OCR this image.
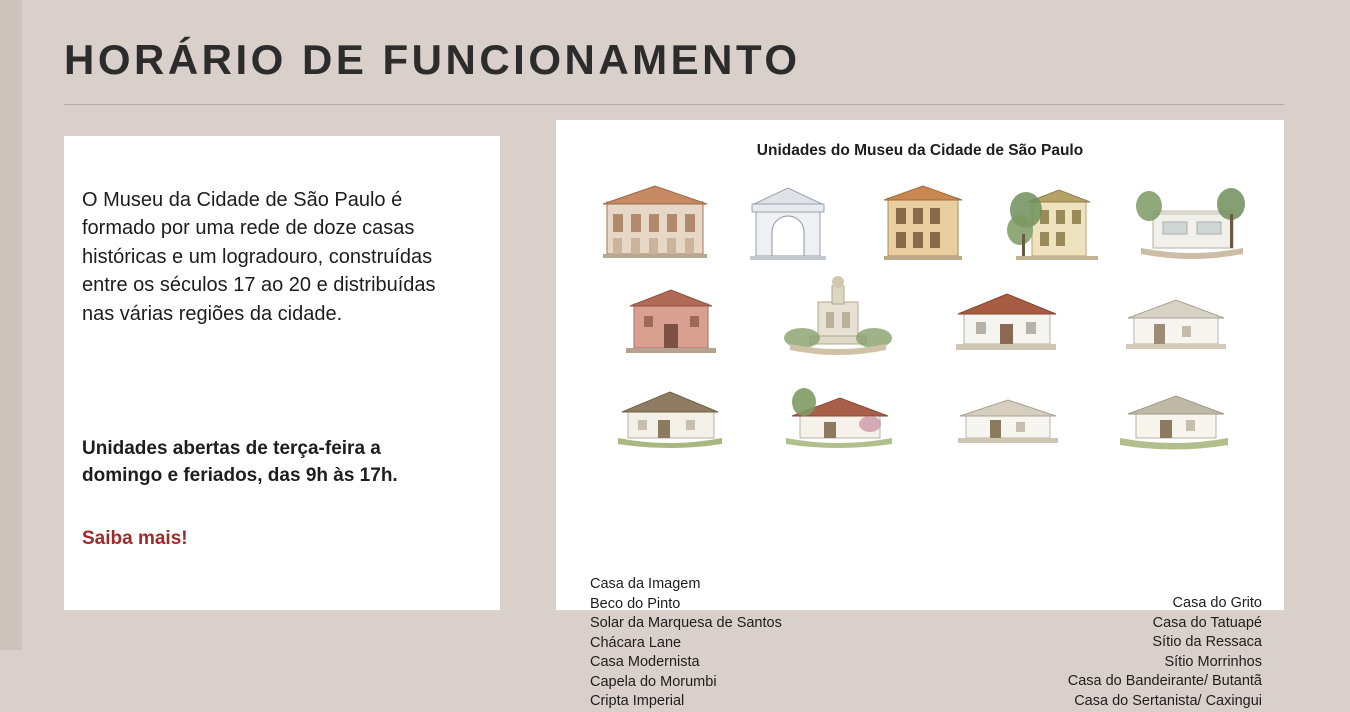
HORÁRIO DE FUNCIONAMENTO
O Museu da Cidade de São Paulo é formado por uma rede de doze casas históricas e um logradouro, construídas entre os séculos 17 ao 20 e distribuídas nas várias regiões da cidade.
Unidades abertas de terça-feira a domingo e feriados, das 9h às 17h.
Saiba mais!
Unidades do Museu da Cidade de São Paulo
Casa da Imagem
Beco do Pinto
Solar da Marquesa de Santos
Chácara Lane
Casa Modernista
Capela do Morumbi
Cripta Imperial
Casa do Grito
Casa do Tatuapé
Sítio da Ressaca
Sítio Morrinhos
Casa do Bandeirante/ Butantã
Casa do Sertanista/ Caxingui
